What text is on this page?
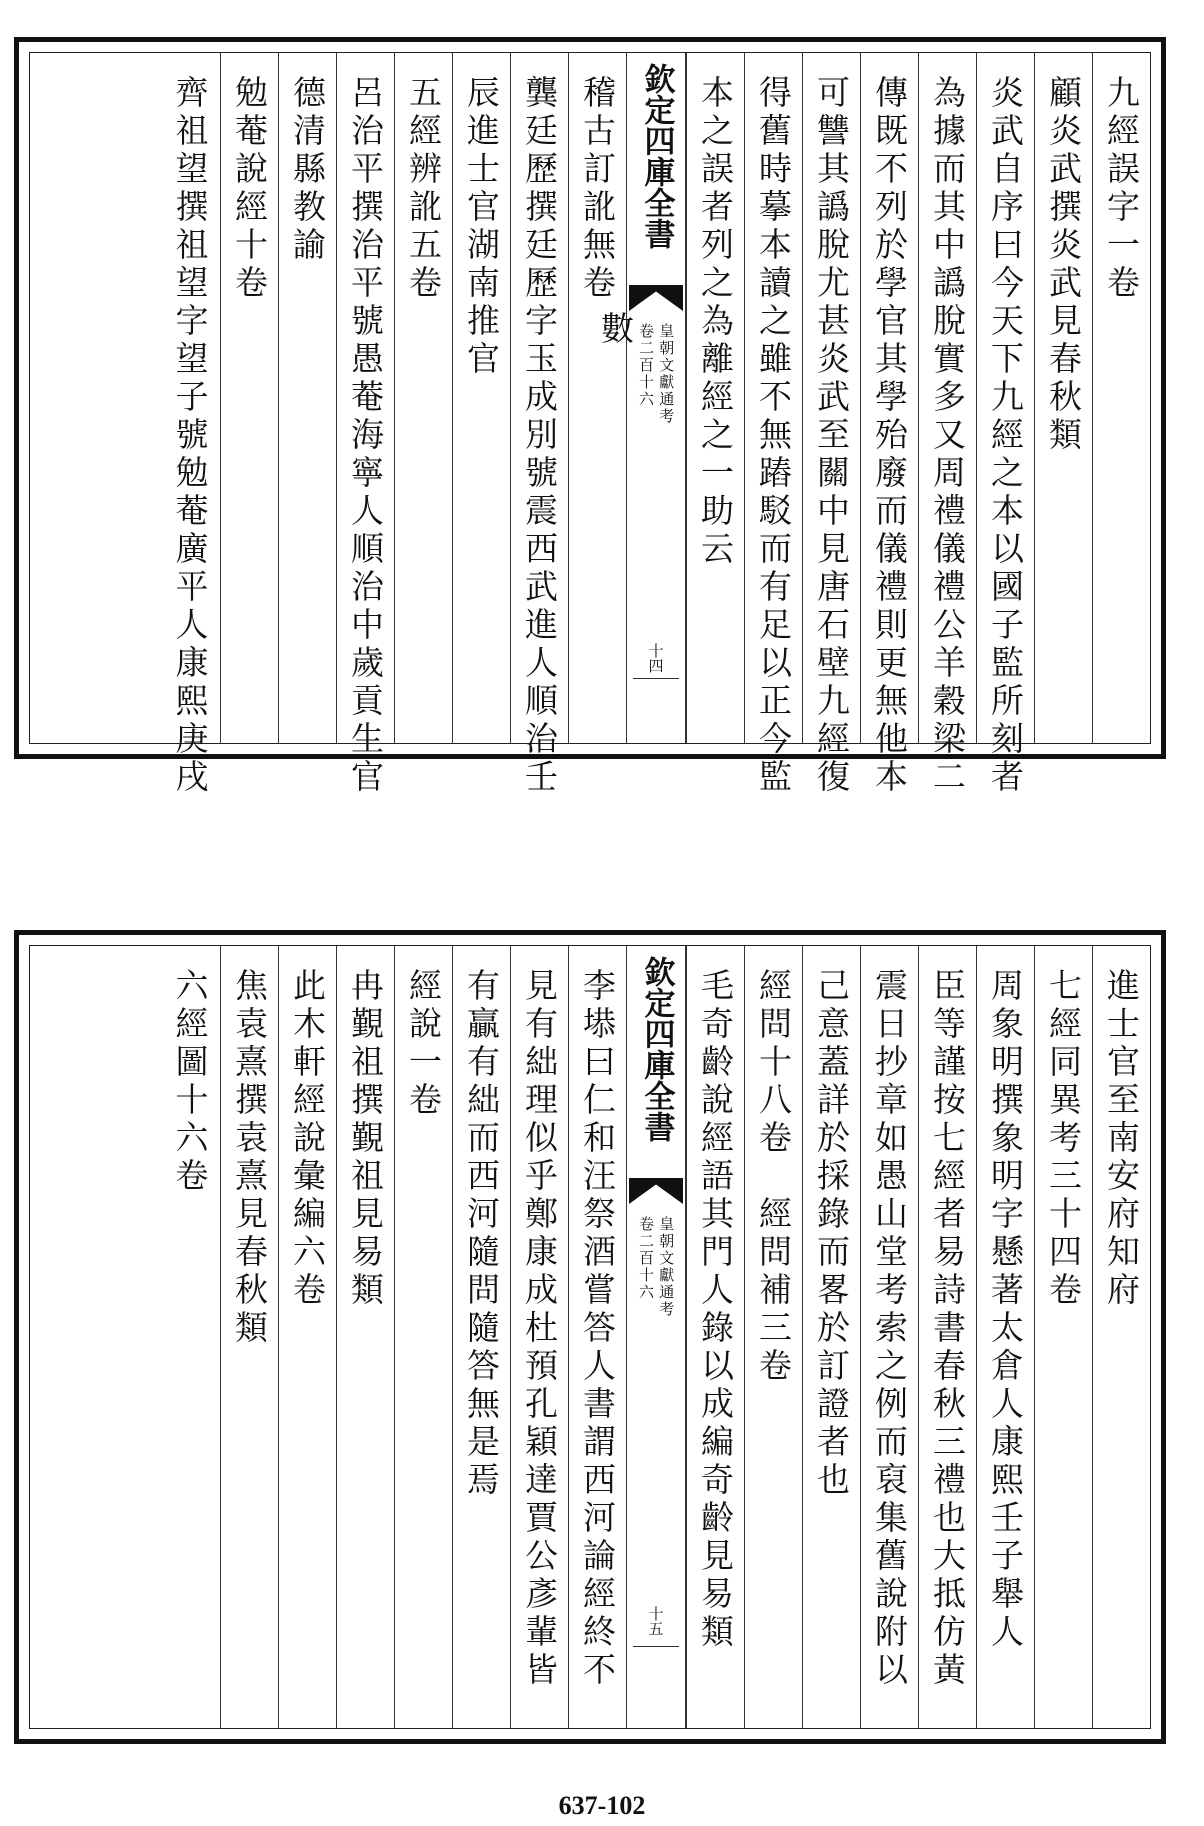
九經誤字一卷
顧炎武撰炎武見春秋類
炎武自序曰今天下九經之本以國子監所刻者
為據而其中譌脫實多又周禮儀禮公羊穀梁二
傳既不列於學官其學殆廢而儀禮則更無他本
可讐其譌脫尤甚炎武至關中見唐石壁九經復
得舊時摹本讀之雖不無蹖駁而有足以正今監
本之誤者列之為離經之一助云
欽定四庫全書
皇朝文獻通考
卷二百十六
十四
稽古訂訛無卷
龔廷歷撰廷歷字玉成別號震西武進人順治壬
辰進士官湖南推官
五經辨訛五卷
呂治平撰治平號愚菴海寧人順治中歲貢生官
德清縣教諭
勉菴說經十卷
齊祖望撰祖望字望子號勉菴廣平人康熙庚戌	數
進士官至南安府知府
七經同異考三十四卷
周象明撰象明字懸著太倉人康熙壬子舉人
臣等謹按七經者易詩書春秋三禮也大抵仿黃
震日抄章如愚山堂考索之例而裒集舊說附以
己意蓋詳於採錄而畧於訂證者也
經問十八卷　經問補三卷
毛奇齡說經語其門人錄以成編奇齡見易類
欽定四庫全書
皇朝文獻通考
卷二百十六
十五
李塨曰仁和汪祭酒嘗答人書謂西河論經終不
見有絀理似乎鄭康成杜預孔穎達賈公彥輩皆
有贏有絀而西河隨問隨答無是焉
經說一卷
冉覲祖撰覲祖見易類
此木軒經說彙編六卷
焦袁熹撰袁熹見春秋類
六經圖十六卷
637-102
